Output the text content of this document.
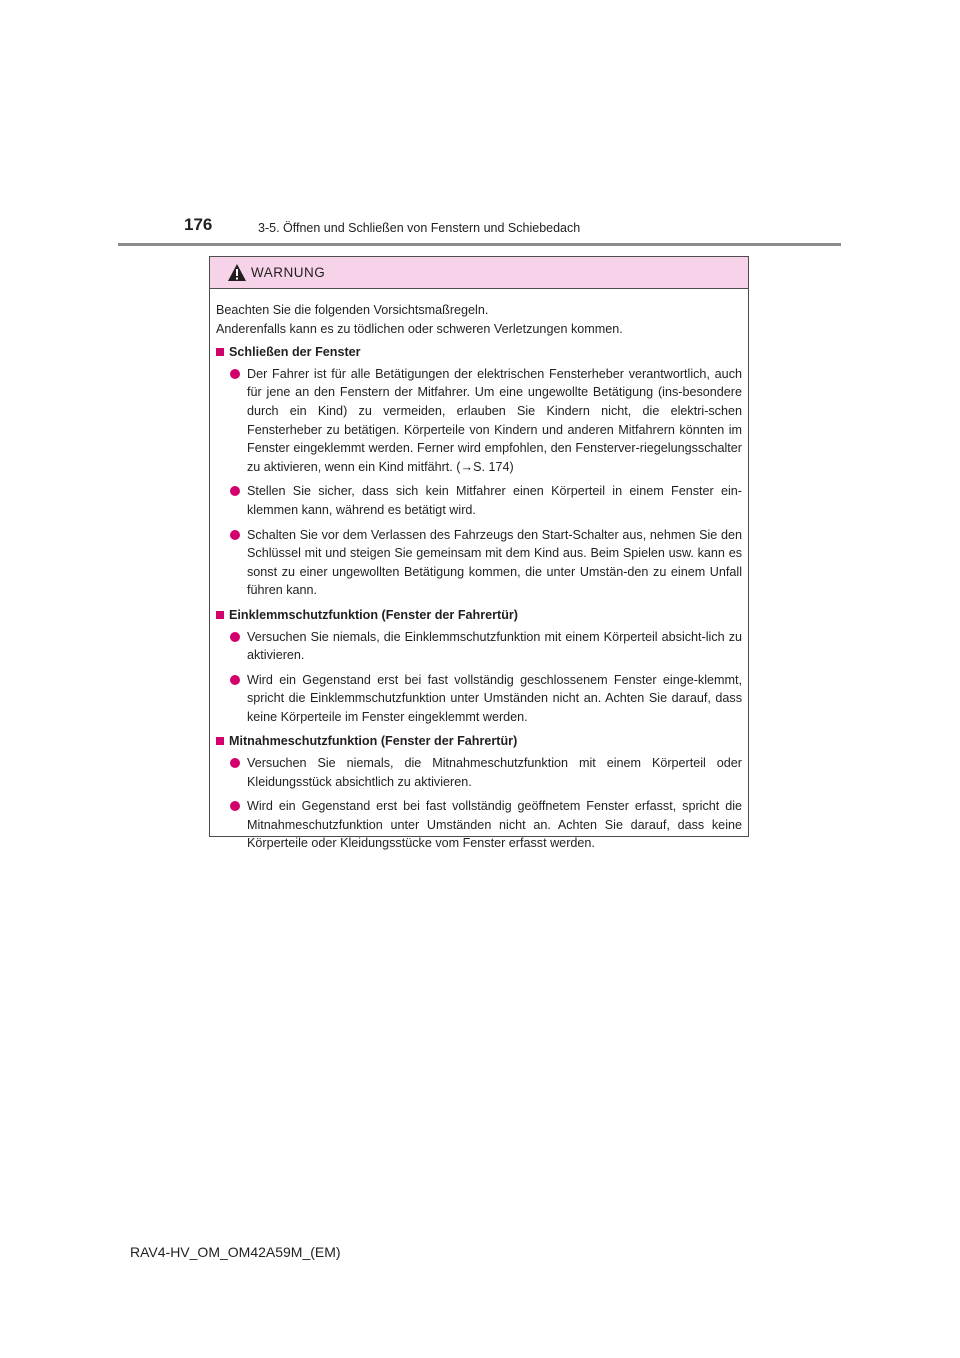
176	3-5. Öffnen und Schließen von Fenstern und Schiebedach
WARNUNG

Beachten Sie die folgenden Vorsichtsmaßregeln.

Anderenfalls kann es zu tödlichen oder schweren Verletzungen kommen.

Schließen der Fenster
Der Fahrer ist für alle Betätigungen der elektrischen Fensterheber verantwortlich, auch für jene an den Fenstern der Mitfahrer. Um eine ungewollte Betätigung (ins-besondere durch ein Kind) zu vermeiden, erlauben Sie Kindern nicht, die elektri-schen Fensterheber zu betätigen. Körperteile von Kindern und anderen Mitfahrern könnten im Fenster eingeklemmt werden. Ferner wird empfohlen, den Fensterver-riegelungsschalter zu aktivieren, wenn ein Kind mitfährt. (→S. 174)
Stellen Sie sicher, dass sich kein Mitfahrer einen Körperteil in einem Fenster ein-klemmen kann, während es betätigt wird.
Schalten Sie vor dem Verlassen des Fahrzeugs den Start-Schalter aus, nehmen Sie den Schlüssel mit und steigen Sie gemeinsam mit dem Kind aus. Beim Spielen usw. kann es sonst zu einer ungewollten Betätigung kommen, die unter Umstän-den zu einem Unfall führen kann.
Einklemmschutzfunktion (Fenster der Fahrertür)
Versuchen Sie niemals, die Einklemmschutzfunktion mit einem Körperteil absicht-lich zu aktivieren.
Wird ein Gegenstand erst bei fast vollständig geschlossenem Fenster einge-klemmt, spricht die Einklemmschutzfunktion unter Umständen nicht an. Achten Sie darauf, dass keine Körperteile im Fenster eingeklemmt werden.
Mitnahmeschutzfunktion (Fenster der Fahrertür)
Versuchen Sie niemals, die Mitnahmeschutzfunktion mit einem Körperteil oder Kleidungsstück absichtlich zu aktivieren.
Wird ein Gegenstand erst bei fast vollständig geöffnetem Fenster erfasst, spricht die Mitnahmeschutzfunktion unter Umständen nicht an. Achten Sie darauf, dass keine Körperteile oder Kleidungsstücke vom Fenster erfasst werden.
RAV4-HV_OM_OM42A59M_(EM)
